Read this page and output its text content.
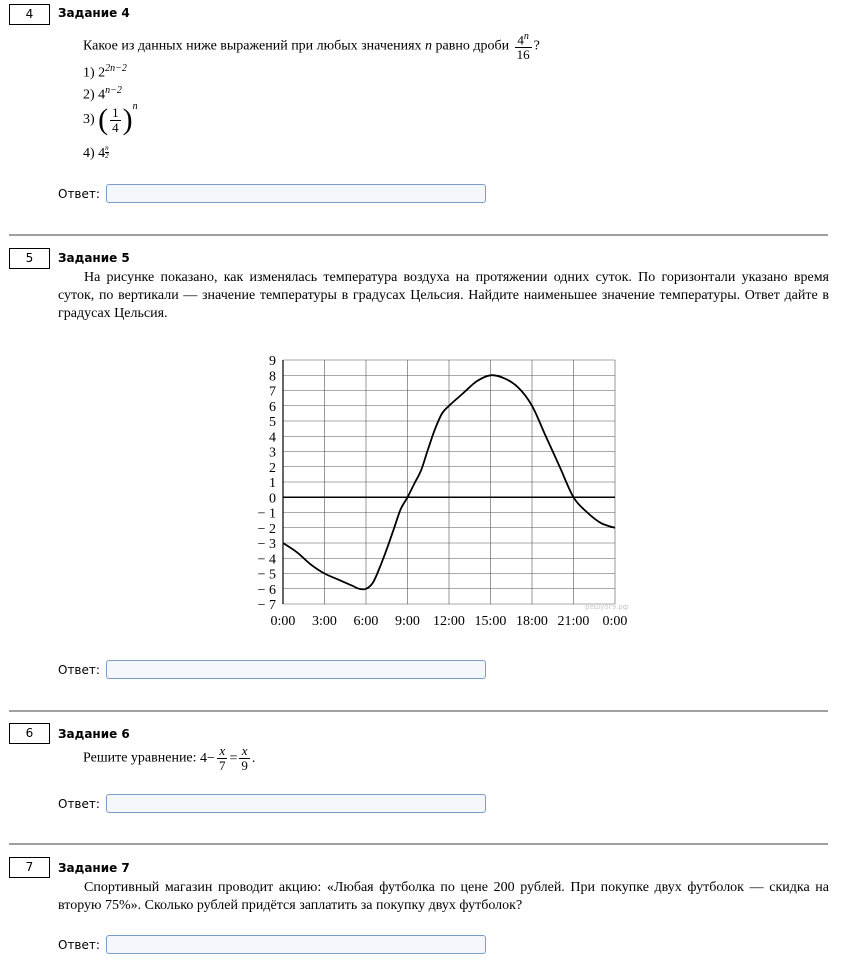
4	Задание 4
Какое из данных ниже выражений при любых значениях n равно дроби $\frac{4^n}{16}$ ?
1) $2^{2n-2}$
2) $4^{n-2}$
3) ( $\frac{1}{4} )^n$
4) $4 \frac{n}{2}$
Ответ:
5	Задание 5
На рисунке показано, как изменялась температура воздуха на протяжении одних суток. По горизонтали указано время суток, по вертикали — значение температуры в градусах Цельсия. Найдите наименьшее значение температуры. Ответ дайте в градусах Цельсия.
9
8
7
6
5
4
3
2
1
0
− 1
− 2
− 3
− 4
− 5
− 6
− 7
0:00 3:00 6:00 9:00 12:00 15:00 18:00 21:00 0:00
решуогэ.рф
Ответ:
6	Задание 6
Решите уравнение: $4- \frac{x}{7} = \frac{x}{9}$ .
Ответ:
7	Задание 7
Спортивный магазин проводит акцию: «Любая футболка по цене 200 рублей. При покупке двух футболок — скидка на вторую 75%». Сколько рублей придётся заплатить за покупку двух футболок?
Ответ:
